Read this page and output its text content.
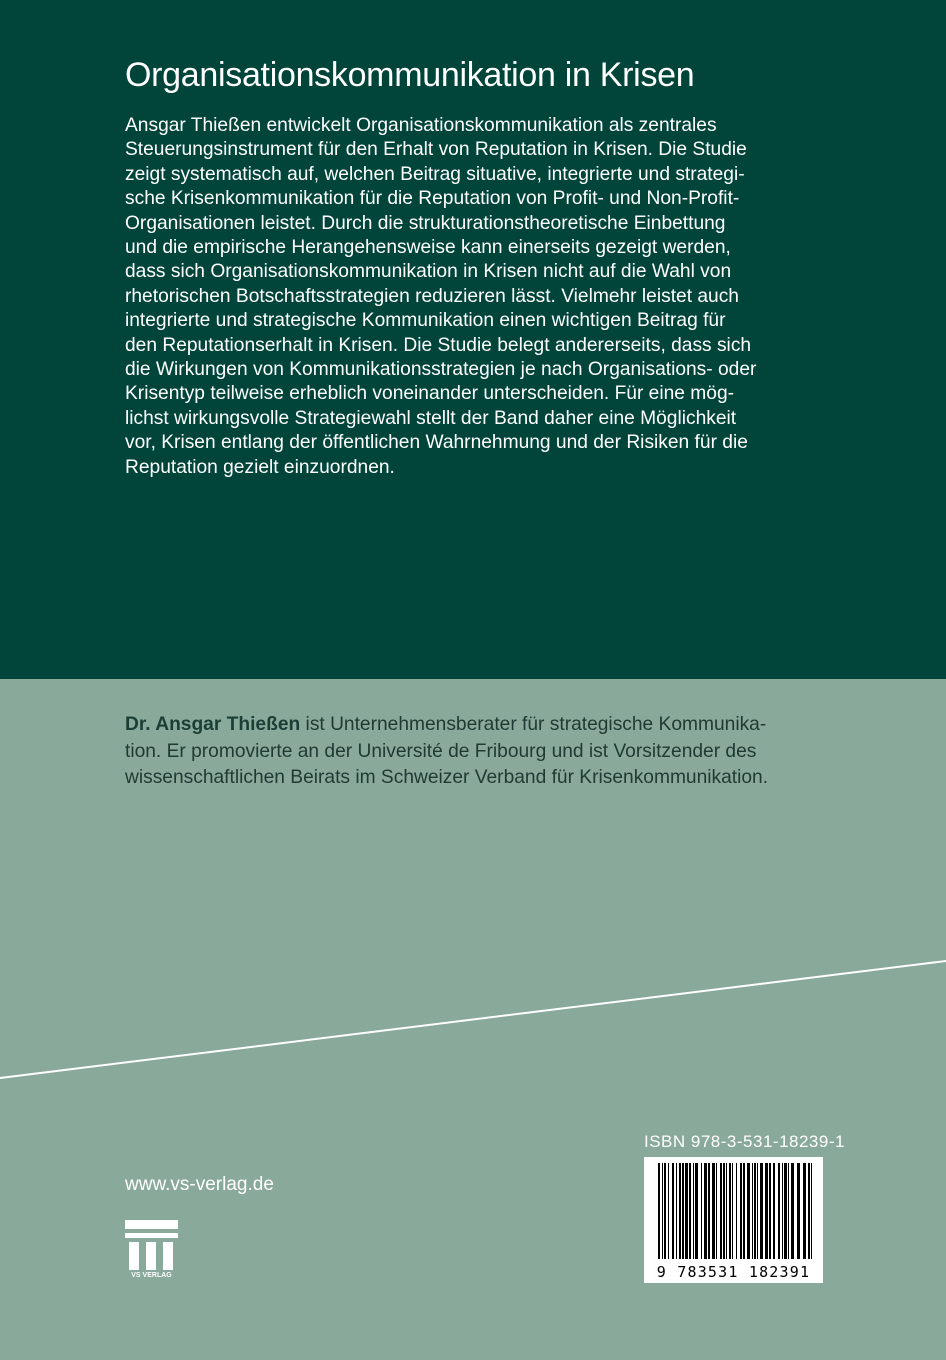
Organisationskommunikation in Krisen

Ansgar Thießen entwickelt Organisationskommunikation als zentrales
Steuerungsinstrument für den Erhalt von Reputation in Krisen. Die Studie
zeigt systematisch auf, welchen Beitrag situative, integrierte und strategi-
sche Krisenkommunikation für die Reputation von Profit- und Non-Profit-
Organisationen leistet. Durch die strukturationstheoretische Einbettung
und die empirische Herangehensweise kann einerseits gezeigt werden,
dass sich Organisationskommunikation in Krisen nicht auf die Wahl von
rhetorischen Botschaftsstrategien reduzieren lässt. Vielmehr leistet auch
integrierte und strategische Kommunikation einen wichtigen Beitrag für
den Reputationserhalt in Krisen. Die Studie belegt andererseits, dass sich
die Wirkungen von Kommunikationsstrategien je nach Organisations- oder
Krisentyp teilweise erheblich voneinander unterscheiden. Für eine mög-
lichst wirkungsvolle Strategiewahl stellt der Band daher eine Möglichkeit
vor, Krisen entlang der öffentlichen Wahrnehmung und der Risiken für die
Reputation gezielt einzuordnen.

Dr. Ansgar Thießen ist Unternehmensberater für strategische Kommunika-
tion. Er promovierte an der Université de Fribourg und ist Vorsitzender des
wissenschaftlichen Beirats im Schweizer Verband für Krisenkommunikation.

www.vs-verlag.de
VS VERLAG
ISBN 978-3-531-18239-1
9 783531 182391
